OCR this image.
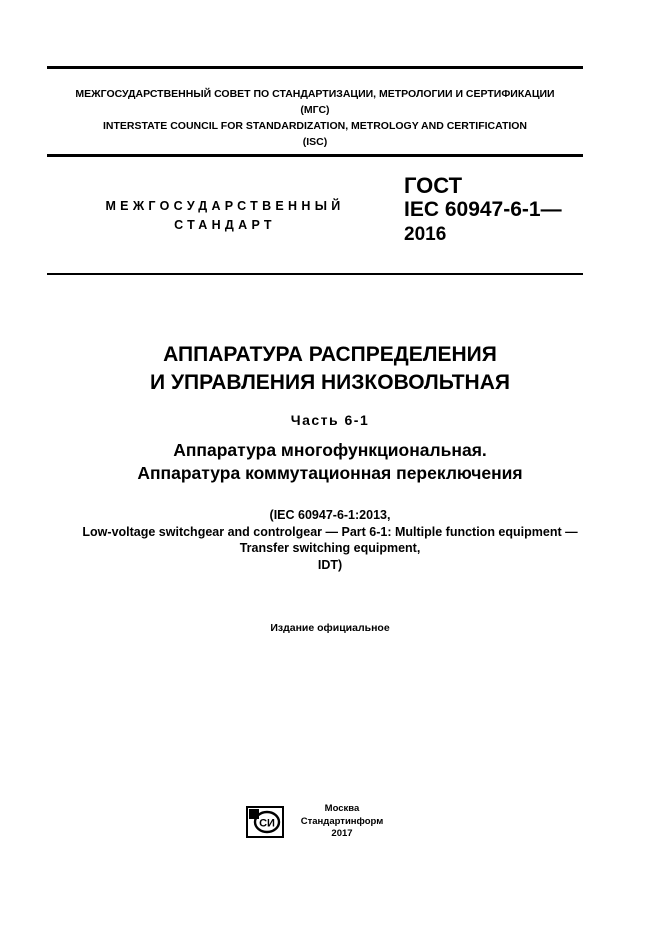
МЕЖГОСУДАРСТВЕННЫЙ СОВЕТ ПО СТАНДАРТИЗАЦИИ, МЕТРОЛОГИИ И СЕРТИФИКАЦИИ
(МГС)
INTERSTATE COUNCIL FOR STANDARDIZATION, METROLOGY AND CERTIFICATION
(ISC)
МЕЖГОСУДАРСТВЕННЫЙ
СТАНДАРТ
ГОСТ
IEC 60947-6-1—
2016
АППАРАТУРА РАСПРЕДЕЛЕНИЯ
И УПРАВЛЕНИЯ НИЗКОВОЛЬТНАЯ
Часть 6-1
Аппаратура многофункциональная.
Аппаратура коммутационная переключения
(IEC 60947-6-1:2013,
Low-voltage switchgear and controlgear — Part 6-1: Multiple function equipment —
Transfer switching equipment,
IDT)
Издание официальное
СИ
Москва
Стандартинформ
2017
